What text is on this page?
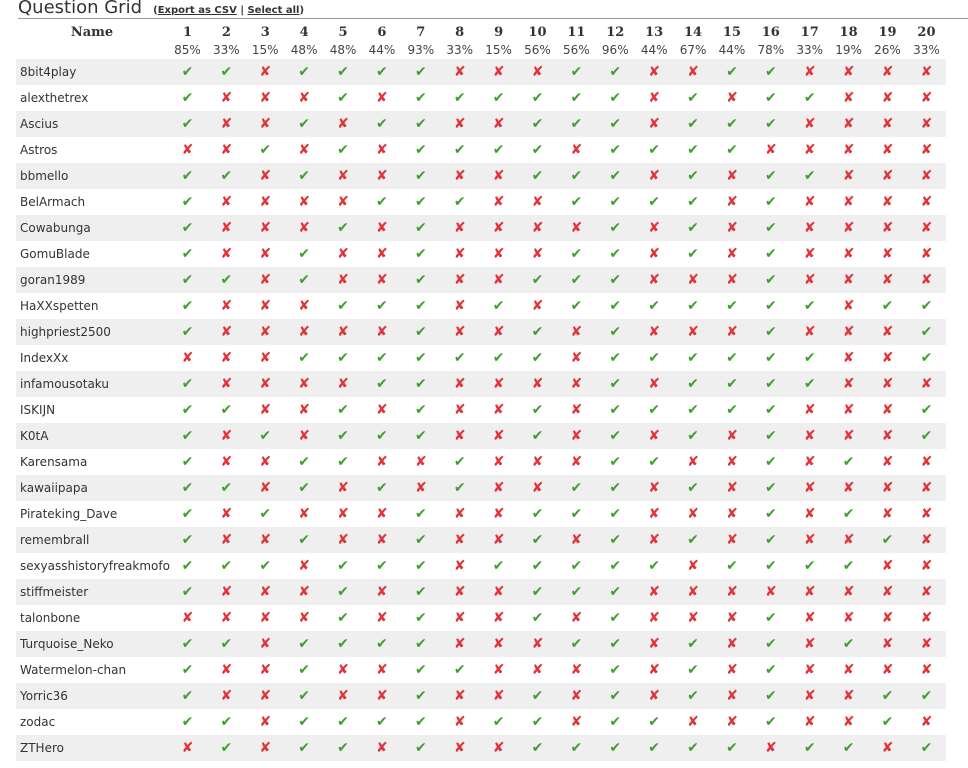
Question Grid (Export as CSV | Select all)
Name	1	2	3	4	5	6	7	8	9	10	11	12	13	14	15	16	17	18	19	20
	85%	33%	15%	48%	48%	44%	93%	33%	15%	56%	56%	96%	44%	67%	44%	78%	33%	19%	26%	33%
8bit4play	✔	✔	✘	✔	✔	✔	✔	✘	✘	✘	✔	✔	✘	✘	✔	✔	✘	✘	✘	✘
alexthetrex	✔	✘	✘	✘	✔	✘	✔	✔	✔	✔	✔	✔	✘	✔	✘	✔	✔	✘	✘	✘
Ascius	✔	✘	✘	✔	✘	✔	✔	✘	✘	✔	✔	✔	✘	✔	✔	✔	✘	✘	✘	✘
Astros	✘	✘	✔	✘	✔	✘	✔	✔	✔	✔	✘	✔	✔	✔	✔	✘	✘	✘	✘	✘
bbmello	✔	✔	✘	✔	✘	✘	✔	✘	✘	✔	✔	✔	✘	✔	✘	✔	✔	✘	✘	✘
BelArmach	✔	✘	✘	✘	✘	✔	✔	✔	✘	✘	✔	✔	✔	✔	✘	✔	✘	✘	✘	✘
Cowabunga	✔	✘	✘	✘	✔	✘	✔	✘	✘	✘	✘	✔	✘	✔	✘	✔	✘	✘	✘	✘
GomuBlade	✔	✘	✘	✔	✘	✘	✔	✘	✘	✘	✔	✔	✘	✔	✘	✔	✘	✘	✘	✘
goran1989	✔	✔	✘	✔	✘	✘	✔	✘	✘	✔	✔	✔	✘	✘	✘	✔	✘	✘	✘	✘
HaXXspetten	✔	✘	✘	✘	✔	✔	✔	✘	✔	✘	✔	✔	✔	✔	✔	✔	✔	✘	✔	✔
highpriest2500	✔	✘	✘	✘	✘	✘	✔	✘	✘	✔	✘	✔	✘	✘	✘	✔	✘	✘	✘	✔
IndexXx	✘	✘	✘	✔	✔	✔	✔	✔	✔	✔	✘	✔	✔	✔	✔	✔	✔	✘	✘	✔
infamousotaku	✔	✘	✘	✘	✘	✔	✔	✘	✘	✘	✘	✔	✘	✔	✔	✔	✔	✘	✘	✘
ISKIJN	✔	✔	✘	✘	✔	✘	✔	✘	✘	✔	✘	✔	✔	✔	✔	✔	✘	✘	✘	✔
K0tA	✔	✘	✔	✘	✔	✔	✔	✘	✘	✔	✘	✔	✘	✔	✘	✔	✘	✘	✘	✔
Karensama	✔	✘	✘	✔	✔	✘	✘	✔	✘	✘	✘	✔	✔	✘	✘	✔	✘	✔	✘	✘
kawaiipapa	✔	✔	✘	✔	✘	✔	✘	✔	✘	✘	✔	✔	✘	✔	✘	✔	✘	✘	✘	✘
Pirateking_Dave	✔	✘	✔	✘	✘	✘	✔	✘	✘	✔	✔	✔	✘	✘	✘	✔	✘	✔	✘	✘
remembrall	✔	✘	✘	✔	✘	✘	✔	✘	✘	✔	✘	✔	✘	✔	✘	✔	✘	✘	✔	✘
sexyasshistoryfreakmofo	✔	✔	✔	✘	✔	✔	✔	✘	✔	✔	✔	✔	✔	✘	✔	✔	✔	✔	✘	✘
stiffmeister	✔	✘	✘	✘	✔	✘	✔	✘	✘	✔	✔	✔	✘	✘	✘	✘	✘	✘	✘	✘
talonbone	✘	✘	✘	✘	✔	✘	✔	✘	✘	✔	✘	✔	✘	✘	✘	✔	✘	✘	✘	✘
Turquoise_Neko	✔	✔	✘	✔	✔	✔	✔	✘	✘	✘	✔	✔	✘	✔	✘	✔	✘	✔	✘	✘
Watermelon-chan	✔	✘	✘	✔	✘	✘	✔	✔	✘	✘	✘	✔	✘	✔	✘	✔	✘	✘	✘	✘
Yorric36	✔	✘	✘	✔	✘	✘	✔	✘	✘	✔	✘	✔	✘	✔	✘	✔	✘	✘	✔	✔
zodac	✔	✔	✘	✔	✔	✔	✔	✘	✔	✔	✘	✔	✔	✘	✘	✔	✘	✘	✔	✘
ZTHero	✘	✔	✘	✔	✔	✘	✔	✘	✘	✔	✔	✔	✔	✔	✔	✘	✔	✔	✘	✔
